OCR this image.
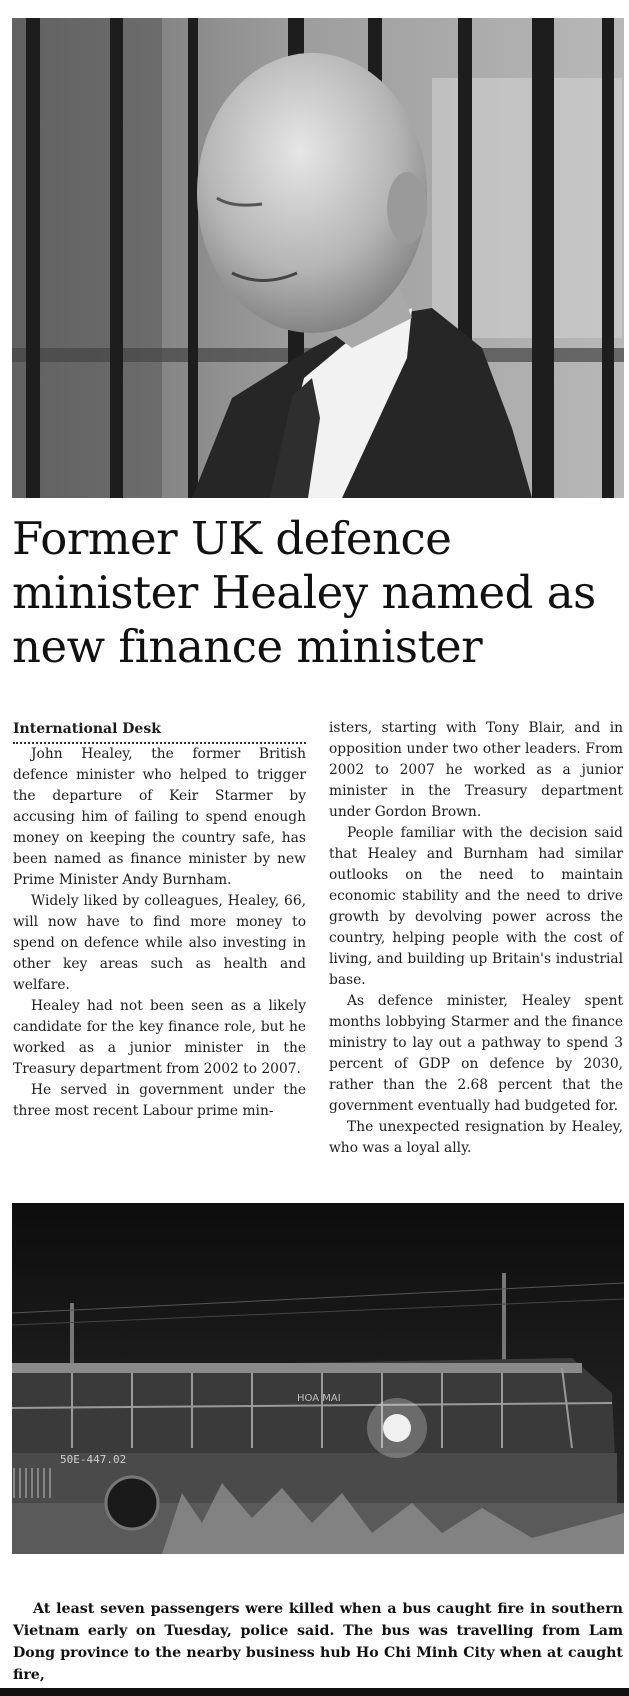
Former UK defence minister Healey named as new finance minister

International Desk

John Healey, the former British defence minister who helped to trigger the departure of Keir Starmer by accusing him of failing to spend enough money on keeping the country safe, has been named as finance minister by new Prime Minister Andy Burnham.

Widely liked by colleagues, Healey, 66, will now have to find more money to spend on defence while also investing in other key areas such as health and welfare.

Healey had not been seen as a likely candidate for the key finance role, but he worked as a junior minister in the Treasury department from 2002 to 2007.

He served in government under the three most recent Labour prime min-

isters, starting with Tony Blair, and in opposition under two other leaders. From 2002 to 2007 he worked as a junior minister in the Treasury department under Gordon Brown.

People familiar with the decision said that Healey and Burnham had similar outlooks on the need to maintain economic stability and the need to drive growth by devolving power across the country, helping people with the cost of living, and building up Britain's industrial base.

As defence minister, Healey spent months lobbying Starmer and the finance ministry to lay out a pathway to spend 3 percent of GDP on defence by 2030, rather than the 2.68 percent that the government eventually had budgeted for.

The unexpected resignation by Healey, who was a loyal ally.

50E-447.02
HOA MAI

At least seven passengers were killed when a bus caught fire in southern Vietnam early on Tuesday, police said. The bus was travelling from Lam Dong province to the nearby business hub Ho Chi Minh City when at caught fire,
